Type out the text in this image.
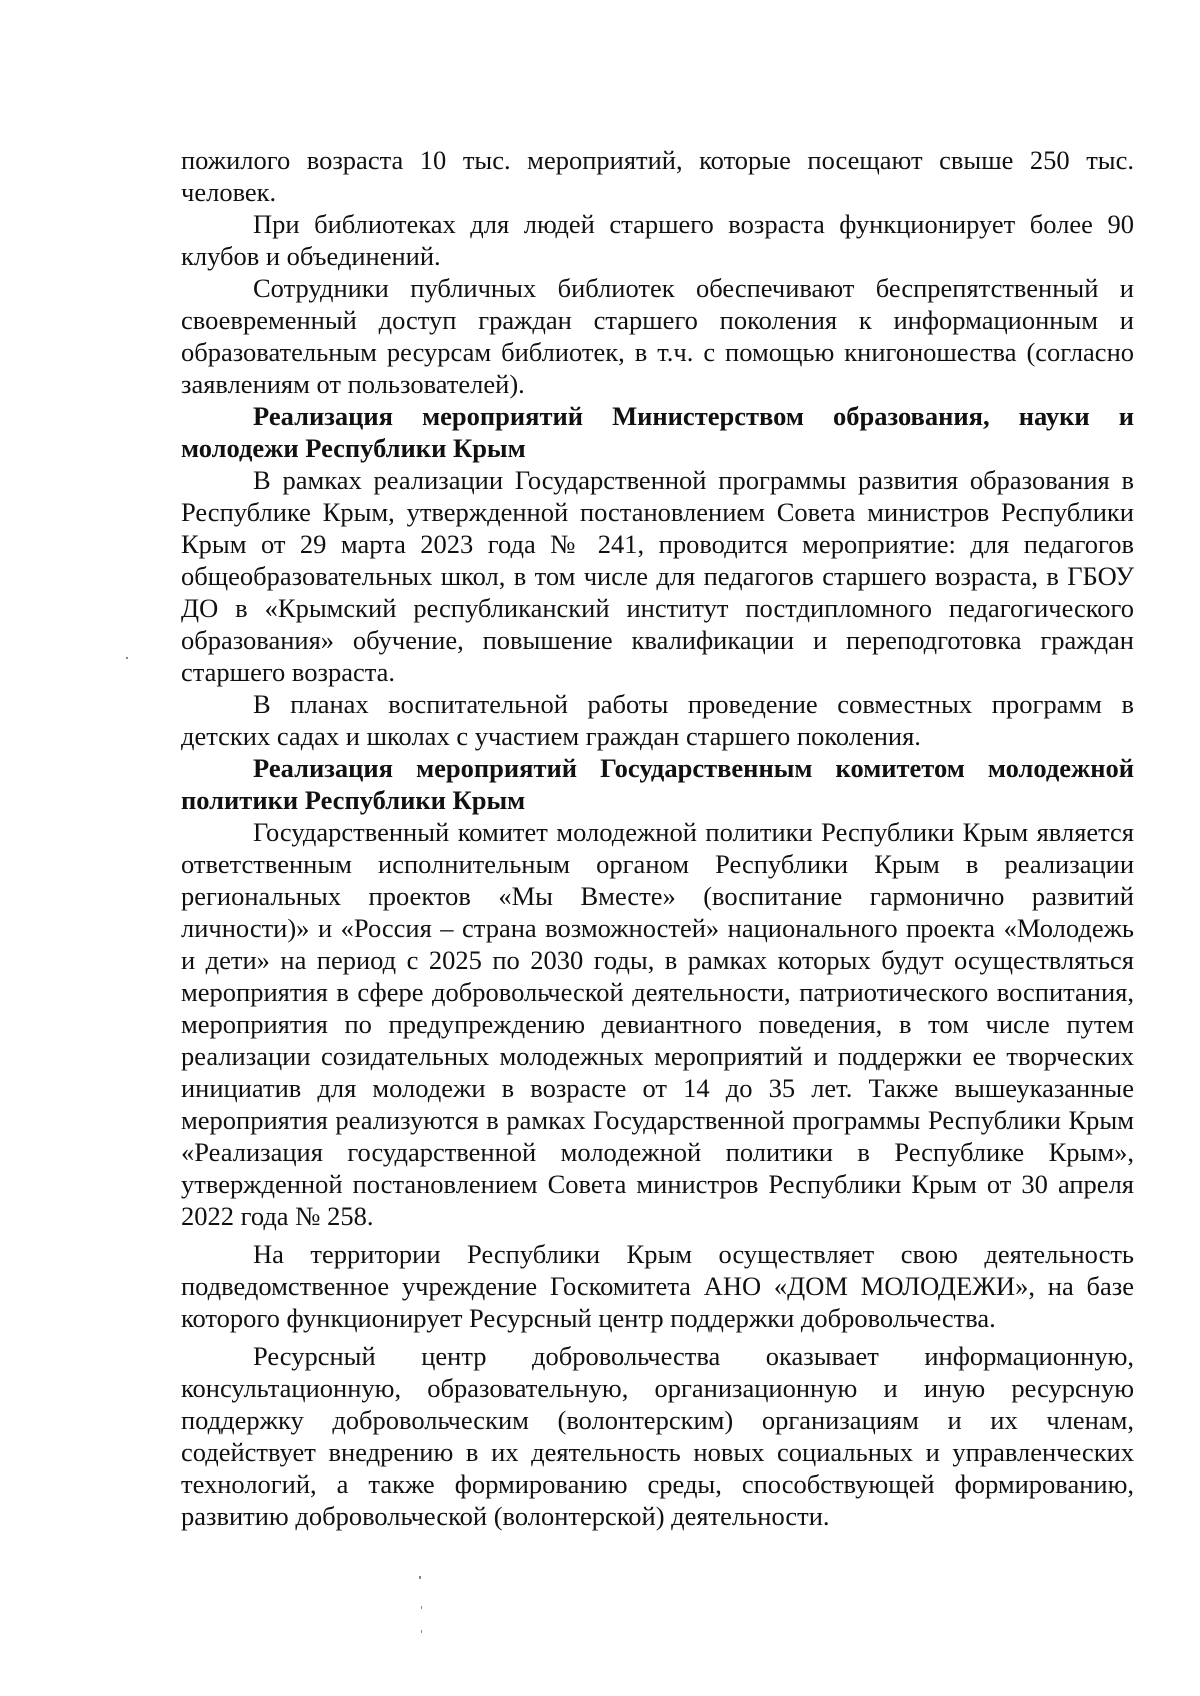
пожилого возраста 10 тыс. мероприятий, которые посещают свыше 250 тыс. человек.

При библиотеках для людей старшего возраста функционирует более 90 клубов и объединений.

Сотрудники публичных библиотек обеспечивают беспрепятственный и своевременный доступ граждан старшего поколения к информационным и образовательным ресурсам библиотек, в т.ч. с помощью книгоношества (согласно заявлениям от пользователей).

Реализация мероприятий Министерством образования, науки и молодежи Республики Крым

В рамках реализации Государственной программы развития образования в Республике Крым, утвержденной постановлением Совета министров Республики Крым от 29 марта 2023 года № 241, проводится мероприятие: для педагогов общеобразовательных школ, в том числе для педагогов старшего возраста, в ГБОУ ДО в «Крымский республиканский институт постдипломного педагогического образования» обучение, повышение квалификации и переподготовка граждан старшего возраста.

В планах воспитательной работы проведение совместных программ в детских садах и школах с участием граждан старшего поколения.

Реализация мероприятий Государственным комитетом молодежной политики Республики Крым

Государственный комитет молодежной политики Республики Крым является ответственным исполнительным органом Республики Крым в реализации региональных проектов «Мы Вместе» (воспитание гармонично развитий личности)» и «Россия – страна возможностей» национального проекта «Молодежь и дети» на период с 2025 по 2030 годы, в рамках которых будут осуществляться мероприятия в сфере добровольческой деятельности, патриотического воспитания, мероприятия по предупреждению девиантного поведения, в том числе путем реализации созидательных молодежных мероприятий и поддержки ее творческих инициатив для молодежи в возрасте от 14 до 35 лет. Также вышеуказанные мероприятия реализуются в рамках Государственной программы Республики Крым «Реализация государственной молодежной политики в Республике Крым», утвержденной постановлением Совета министров Республики Крым от 30 апреля 2022 года № 258.

На территории Республики Крым осуществляет свою деятельность подведомственное учреждение Госкомитета АНО «ДОМ МОЛОДЕЖИ», на базе которого функционирует Ресурсный центр поддержки добровольчества.

Ресурсный центр добровольчества оказывает информационную, консультационную, образовательную, организационную и иную ресурсную поддержку добровольческим (волонтерским) организациям и их членам, содействует внедрению в их деятельность новых социальных и управленческих технологий, а также формированию среды, способствующей формированию, развитию добровольческой (волонтерской) деятельности.
